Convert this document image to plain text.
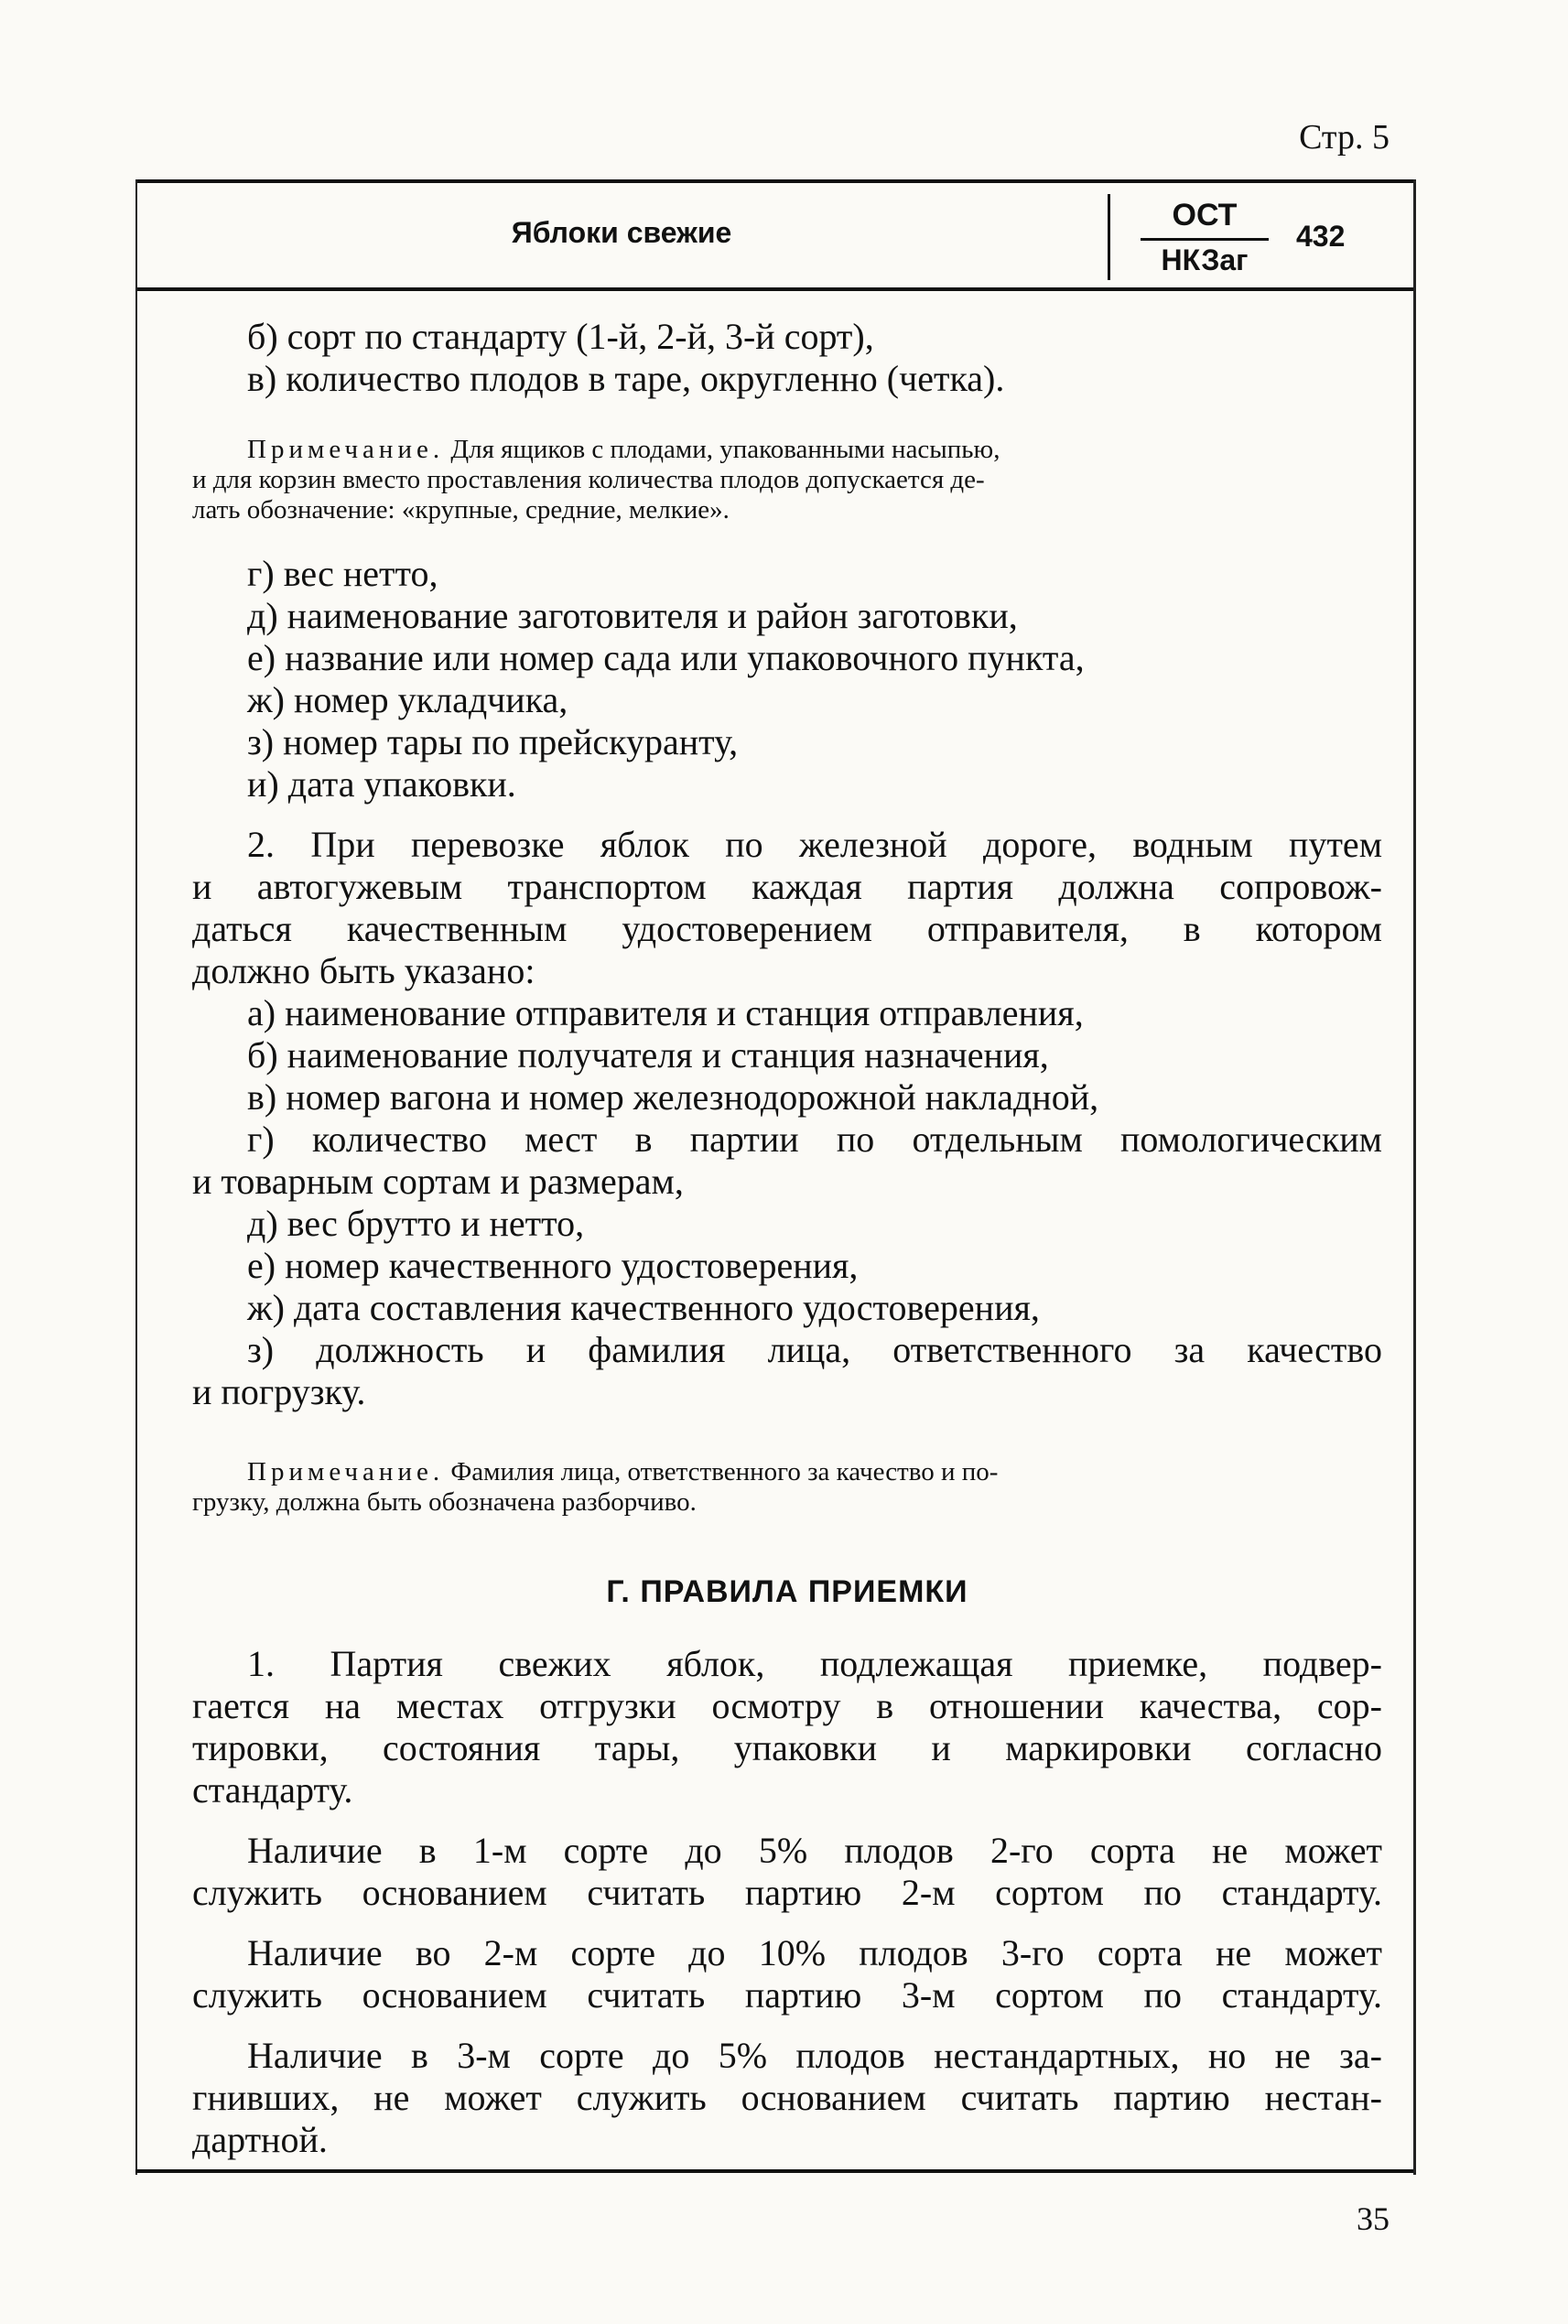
Стр. 5
Яблоки свежие	ОСТ
НКЗаг
432
б) сорт по стандарту (1-й, 2-й, 3-й сорт),
в) количество плодов в таре, округленно (четка).
Примечание. Для ящиков с плодами, упакованными насыпью,
и для корзин вместо проставления количества плодов допускается де-
лать обозначение: «крупные, средние, мелкие».
г) вес нетто,
д) наименование заготовителя и район заготовки,
е) название или номер сада или упаковочного пункта,
ж) номер укладчика,
з) номер тары по прейскуранту,
и) дата упаковки.
2. При перевозке яблок по железной дороге, водным путем
и автогужевым транспортом каждая партия должна сопровож-
даться качественным удостоверением отправителя, в котором
должно быть указано:
а) наименование отправителя и станция отправления,
б) наименование получателя и станция назначения,
в) номер вагона и номер железнодорожной накладной,
г) количество мест в партии по отдельным помологическим
и товарным сортам и размерам,
д) вес брутто и нетто,
е) номер качественного удостоверения,
ж) дата составления качественного удостоверения,
з) должность и фамилия лица, ответственного за качество
и погрузку.
Примечание. Фамилия лица, ответственного за качество и по-
грузку, должна быть обозначена разборчиво.
Г. ПРАВИЛА ПРИЕМКИ
1. Партия свежих яблок, подлежащая приемке, подвер-
гается на местах отгрузки осмотру в отношении качества, сор-
тировки, состояния тары, упаковки и маркировки согласно
стандарту.
Наличие в 1-м сорте до 5% плодов 2-го сорта не может
служить основанием считать партию 2-м сортом по стандарту.
Наличие во 2-м сорте до 10% плодов 3-го сорта не может
служить основанием считать партию 3-м сортом по стандарту.
Наличие в 3-м сорте до 5% плодов нестандартных, но не за-
гнивших, не может служить основанием считать партию нестан-
дартной.
35
